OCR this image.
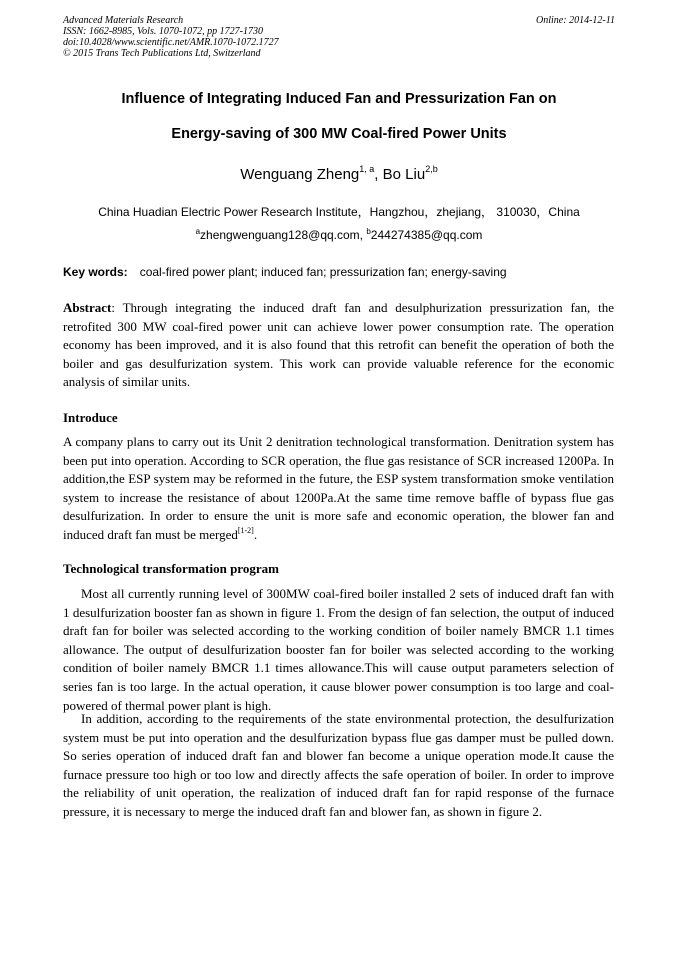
Advanced Materials Research
ISSN: 1662-8985, Vols. 1070-1072, pp 1727-1730
doi:10.4028/www.scientific.net/AMR.1070-1072.1727
© 2015 Trans Tech Publications Ltd, Switzerland
Online: 2014-12-11
Influence of Integrating Induced Fan and Pressurization Fan on
Energy-saving of 300 MW Coal-fired Power Units
Wenguang Zheng$^{1, a}$, Bo Liu$^{2,b}$
China Huadian Electric Power Research Institute，Hangzhou，zhejiang， 310030，China
$^a$zhengwenguang128@qq.com, $^b$244274385@qq.com
Key words: coal-fired power plant; induced fan; pressurization fan; energy-saving
Abstract: Through integrating the induced draft fan and desulphurization pressurization fan, the retrofited 300 MW coal-fired power unit can achieve lower power consumption rate. The operation economy has been improved, and it is also found that this retrofit can benefit the operation of both the boiler and gas desulfurization system. This work can provide valuable reference for the economic analysis of similar units.
Introduce
A company plans to carry out its Unit 2 denitration technological transformation. Denitration system has been put into operation. According to SCR operation, the flue gas resistance of SCR increased 1200Pa. In addition,the ESP system may be reformed in the future, the ESP system transformation smoke ventilation system to increase the resistance of about 1200Pa.At the same time remove baffle of bypass flue gas desulfurization. In order to ensure the unit is more safe and economic operation, the blower fan and induced draft fan must be merged[1-2].
Technological transformation program
Most all currently running level of 300MW coal-fired boiler installed 2 sets of induced draft fan with 1 desulfurization booster fan as shown in figure 1. From the design of fan selection, the output of induced draft fan for boiler was selected according to the working condition of boiler namely BMCR 1.1 times allowance. The output of desulfurization booster fan for boiler was selected according to the working condition of boiler namely BMCR 1.1 times allowance.This will cause output parameters selection of series fan is too large. In the actual operation, it cause blower power consumption is too large and coal-powered of thermal power plant is high.
In addition, according to the requirements of the state environmental protection, the desulfurization system must be put into operation and the desulfurization bypass flue gas damper must be pulled down. So series operation of induced draft fan and blower fan become a unique operation mode.It cause the furnace pressure too high or too low and directly affects the safe operation of boiler. In order to improve the reliability of unit operation, the realization of induced draft fan for rapid response of the furnace pressure, it is necessary to merge the induced draft fan and blower fan, as shown in figure 2.
